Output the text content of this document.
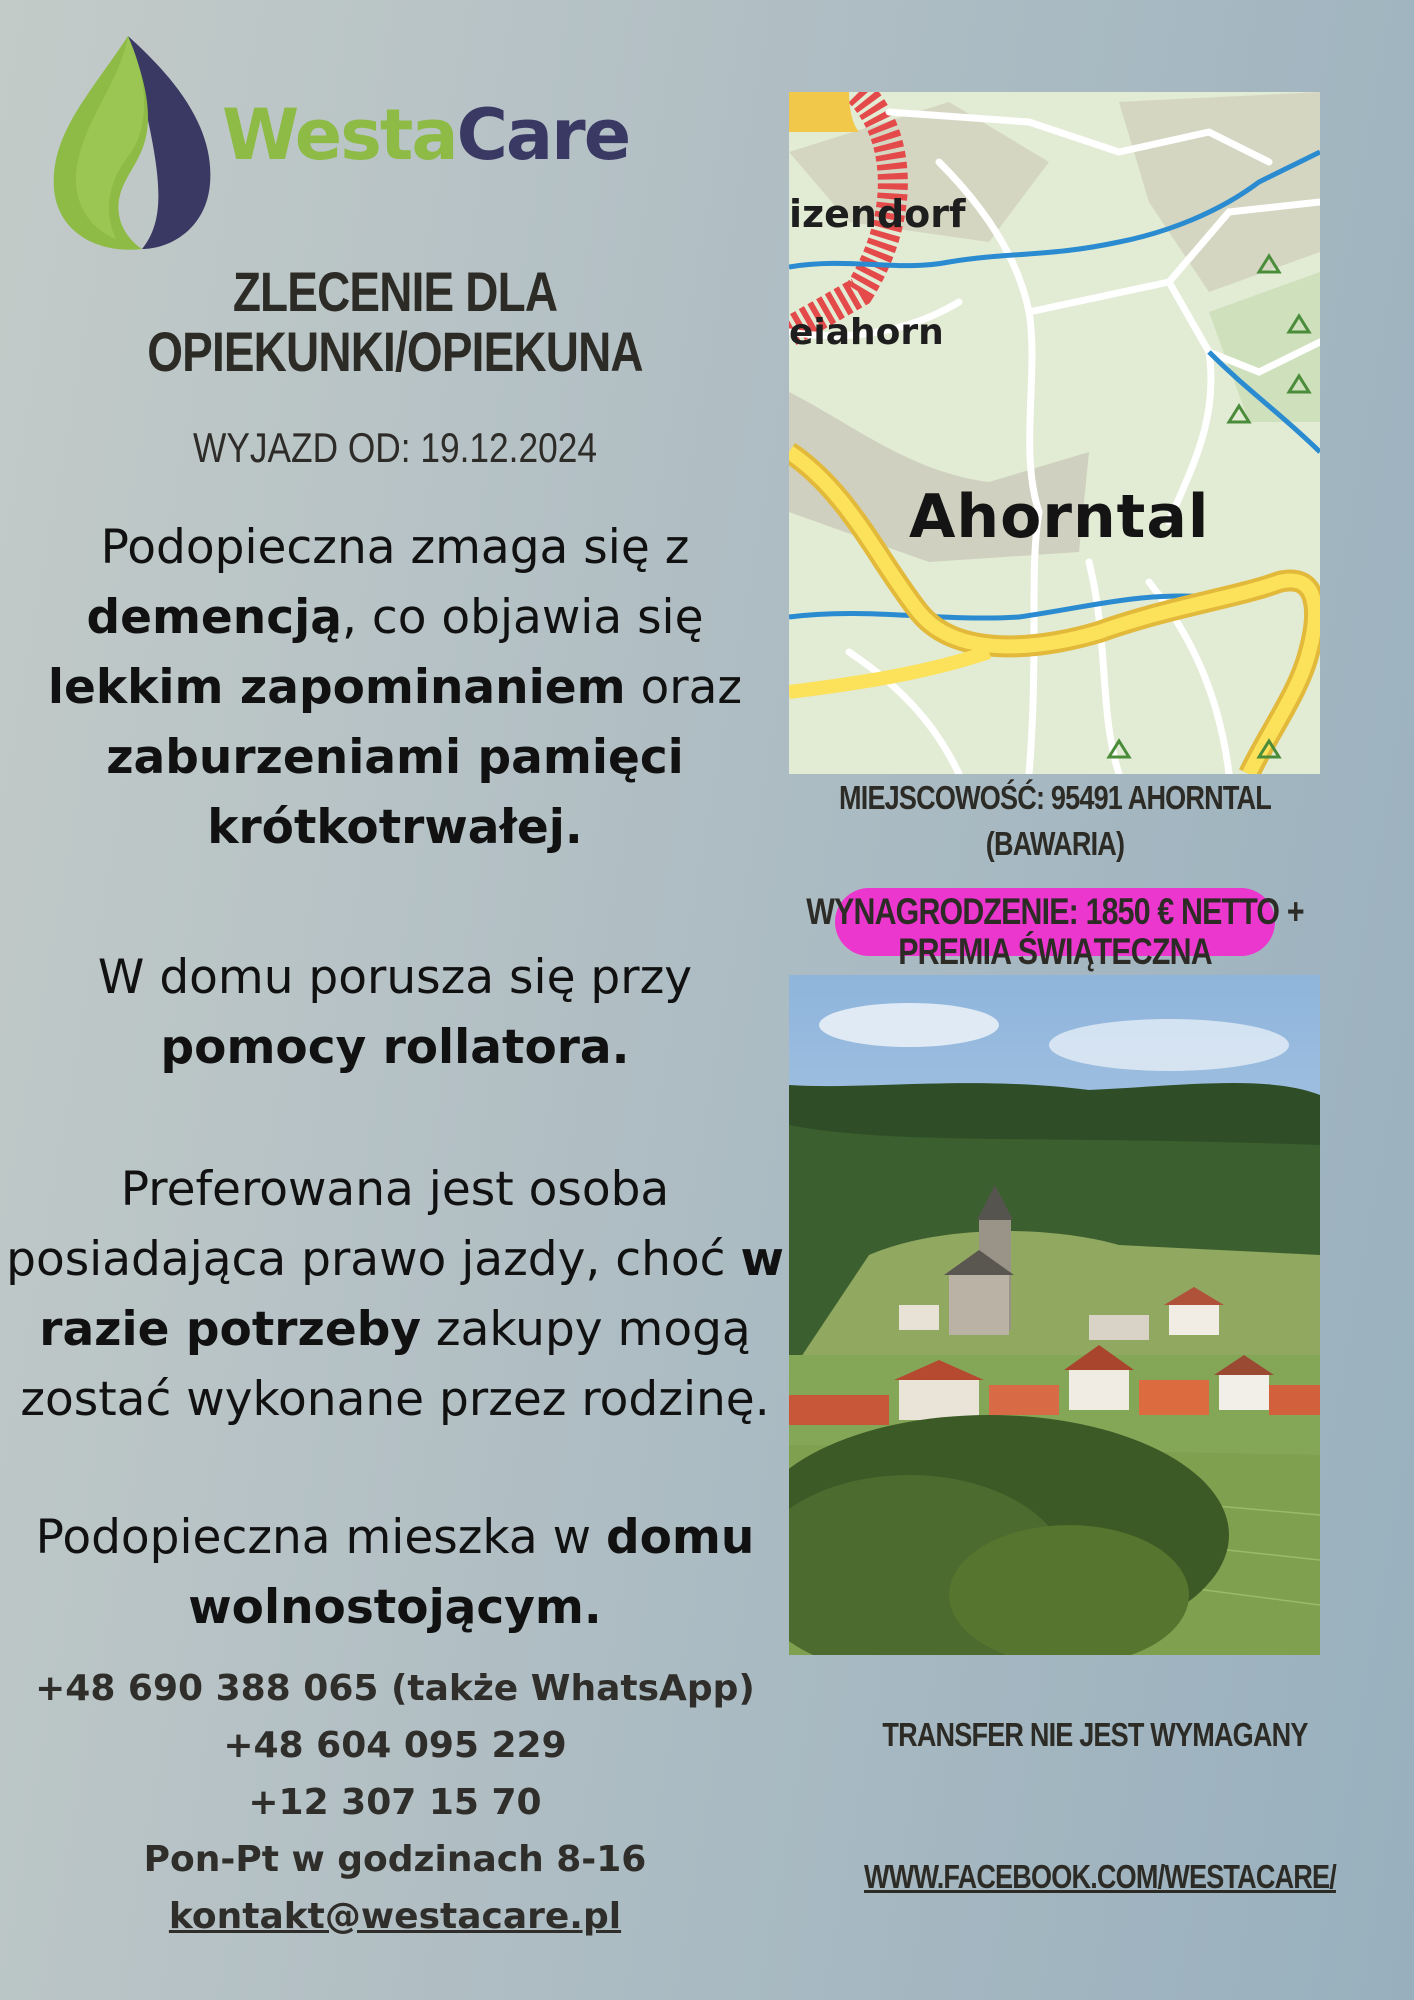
WestaCare
ZLECENIE DLA
OPIEKUNKI/OPIEKUNA
WYJAZD OD: 19.12.2024
Podopieczna zmaga się z
demencją, co objawia się
lekkim zapominaniem oraz
zaburzeniami pamięci
krótkotrwałej.
W domu porusza się przy
pomocy rollatora.
Preferowana jest osoba
posiadająca prawo jazdy, choć w
razie potrzeby zakupy mogą
zostać wykonane przez rodzinę.
Podopieczna mieszka w domu
wolnostojącym.
+48 690 388 065 (także WhatsApp)
+48 604 095 229
+12 307 15 70
Pon-Pt w godzinach 8-16
kontakt@westacare.pl
izendorf
eiahorn
Ahorntal
MIEJSCOWOŚĆ: 95491 AHORNTAL
(BAWARIA)
WYNAGRODZENIE: 1850 € NETTO +
PREMIA ŚWIĄTECZNA
TRANSFER NIE JEST WYMAGANY
WWW.FACEBOOK.COM/WESTACARE/
